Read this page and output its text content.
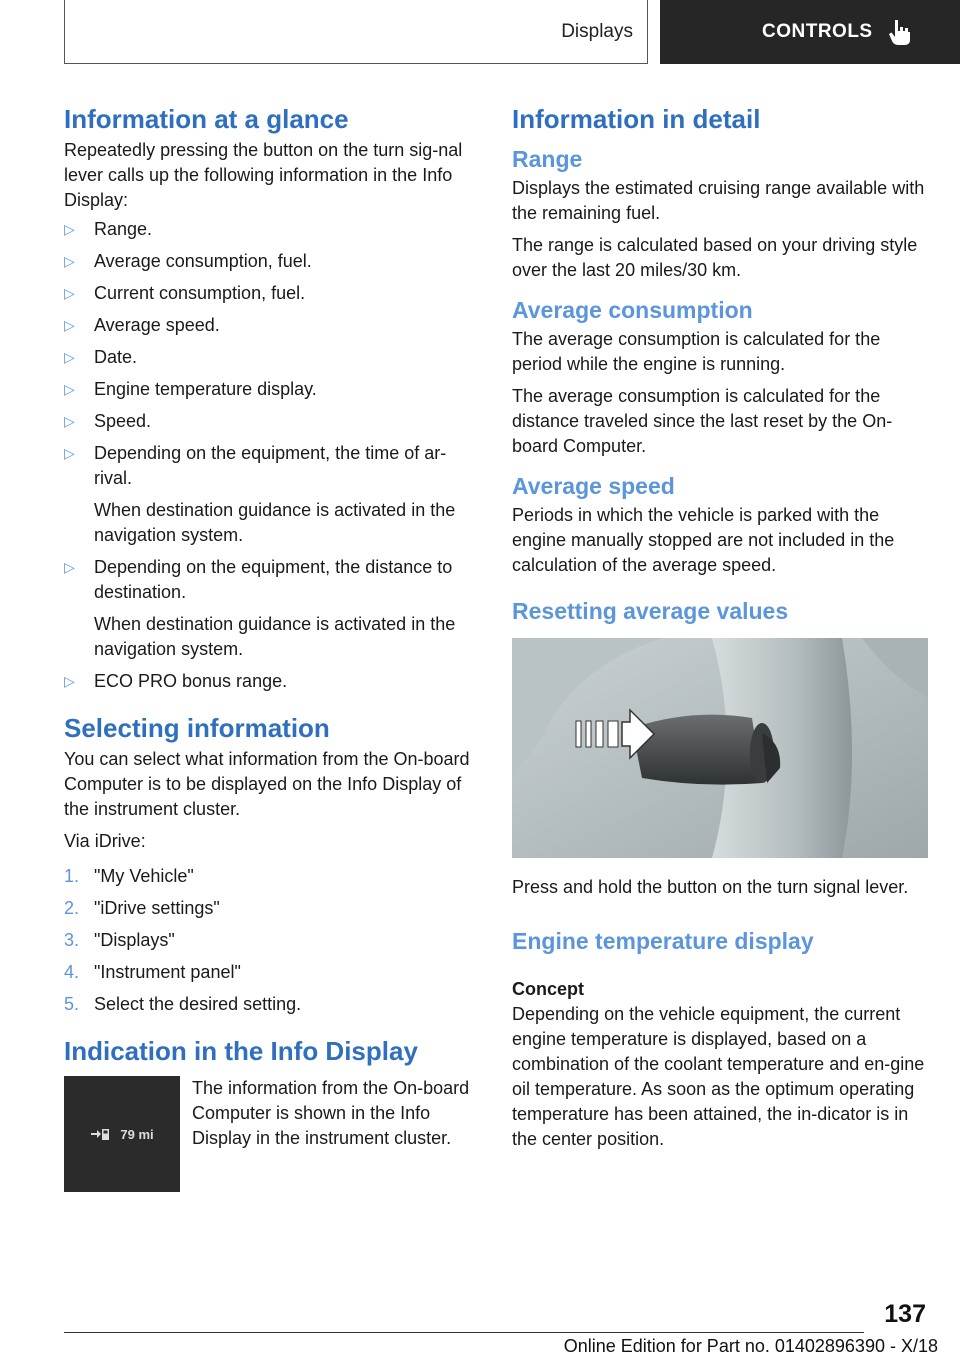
Displays	CONTROLS
Information at a glance

Repeatedly pressing the button on the turn sig-nal lever calls up the following information in the Info Display:

▷ Range.
▷ Average consumption, fuel.
▷ Current consumption, fuel.
▷ Average speed.
▷ Date.
▷ Engine temperature display.
▷ Speed.
▷ Depending on the equipment, the time of ar-rival.
When destination guidance is activated in the navigation system.
▷ Depending on the equipment, the distance to destination.
When destination guidance is activated in the navigation system.
▷ ECO PRO bonus range.
Selecting information

You can select what information from the On-board Computer is to be displayed on the Info Display of the instrument cluster.

Via iDrive:

1. "My Vehicle"
2. "iDrive settings"
3. "Displays"
4. "Instrument panel"
5. Select the desired setting.
Indication in the Info Display
79 mi

The information from the On-board Computer is shown in the Info Display in the instrument cluster.

Information in detail
Range

Displays the estimated cruising range available with the remaining fuel.

The range is calculated based on your driving style over the last 20 miles/30 km.

Average consumption

The average consumption is calculated for the period while the engine is running.

The average consumption is calculated for the distance traveled since the last reset by the On-board Computer.

Average speed

Periods in which the vehicle is parked with the engine manually stopped are not included in the calculation of the average speed.

Resetting average values

Press and hold the button on the turn signal lever.

Engine temperature display
Concept

Depending on the vehicle equipment, the current engine temperature is displayed, based on a combination of the coolant temperature and en-gine oil temperature. As soon as the optimum operating temperature has been attained, the in-dicator is in the center position.

137
Online Edition for Part no. 01402896390 - X/18
